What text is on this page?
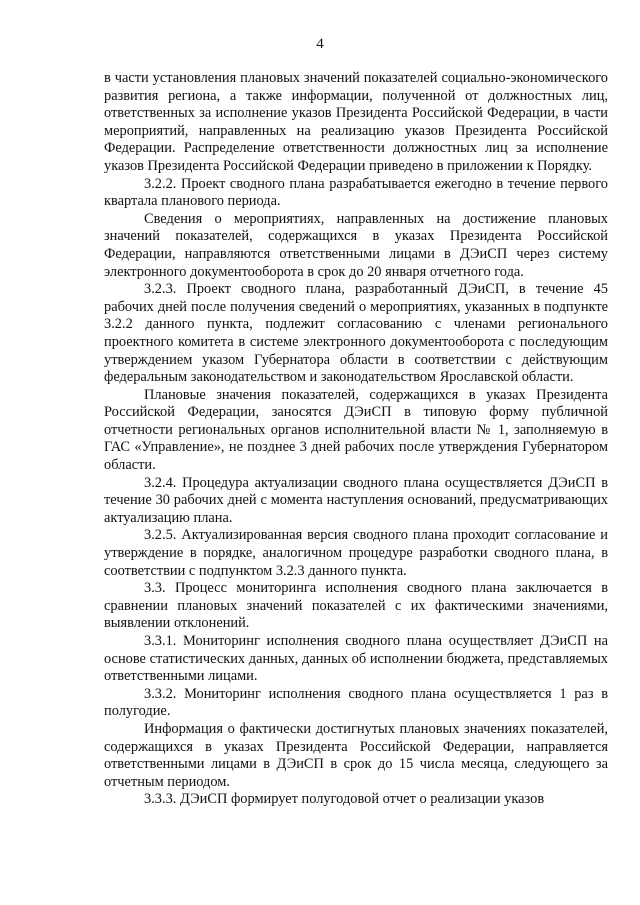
4

в части установления плановых значений показателей социально-экономического развития региона, а также информации, полученной от должностных лиц, ответственных за исполнение указов Президента Российской Федерации, в части мероприятий, направленных на реализацию указов Президента Российской Федерации. Распределение ответственности должностных лиц за исполнение указов Президента Российской Федерации приведено в приложении к Порядку.

3.2.2. Проект сводного плана разрабатывается ежегодно в течение первого квартала планового периода.

Сведения о мероприятиях, направленных на достижение плановых значений показателей, содержащихся в указах Президента Российской Федерации, направляются ответственными лицами в ДЭиСП через систему электронного документооборота в срок до 20 января отчетного года.

3.2.3. Проект сводного плана, разработанный ДЭиСП, в течение 45 рабочих дней после получения сведений о мероприятиях, указанных в подпункте 3.2.2 данного пункта, подлежит согласованию с членами регионального проектного комитета в системе электронного документооборота с последующим утверждением указом Губернатора области в соответствии с действующим федеральным законодательством и законодательством Ярославской области.

Плановые значения показателей, содержащихся в указах Президента Российской Федерации, заносятся ДЭиСП в типовую форму публичной отчетности региональных органов исполнительной власти № 1, заполняемую в ГАС «Управление», не позднее 3 дней рабочих после утверждения Губернатором области.

3.2.4. Процедура актуализации сводного плана осуществляется ДЭиСП в течение 30 рабочих дней с момента наступления оснований, предусматривающих актуализацию плана.

3.2.5. Актуализированная версия сводного плана проходит согласование и утверждение в порядке, аналогичном процедуре разработки сводного плана, в соответствии с подпунктом 3.2.3 данного пункта.

3.3. Процесс мониторинга исполнения сводного плана заключается в сравнении плановых значений показателей с их фактическими значениями, выявлении отклонений.

3.3.1. Мониторинг исполнения сводного плана осуществляет ДЭиСП на основе статистических данных, данных об исполнении бюджета, представляемых ответственными лицами.

3.3.2. Мониторинг исполнения сводного плана осуществляется 1 раз в полугодие.

Информация о фактически достигнутых плановых значениях показателей, содержащихся в указах Президента Российской Федерации, направляется ответственными лицами в ДЭиСП в срок до 15 числа месяца, следующего за отчетным периодом.

3.3.3. ДЭиСП формирует полугодовой отчет о реализации указов
